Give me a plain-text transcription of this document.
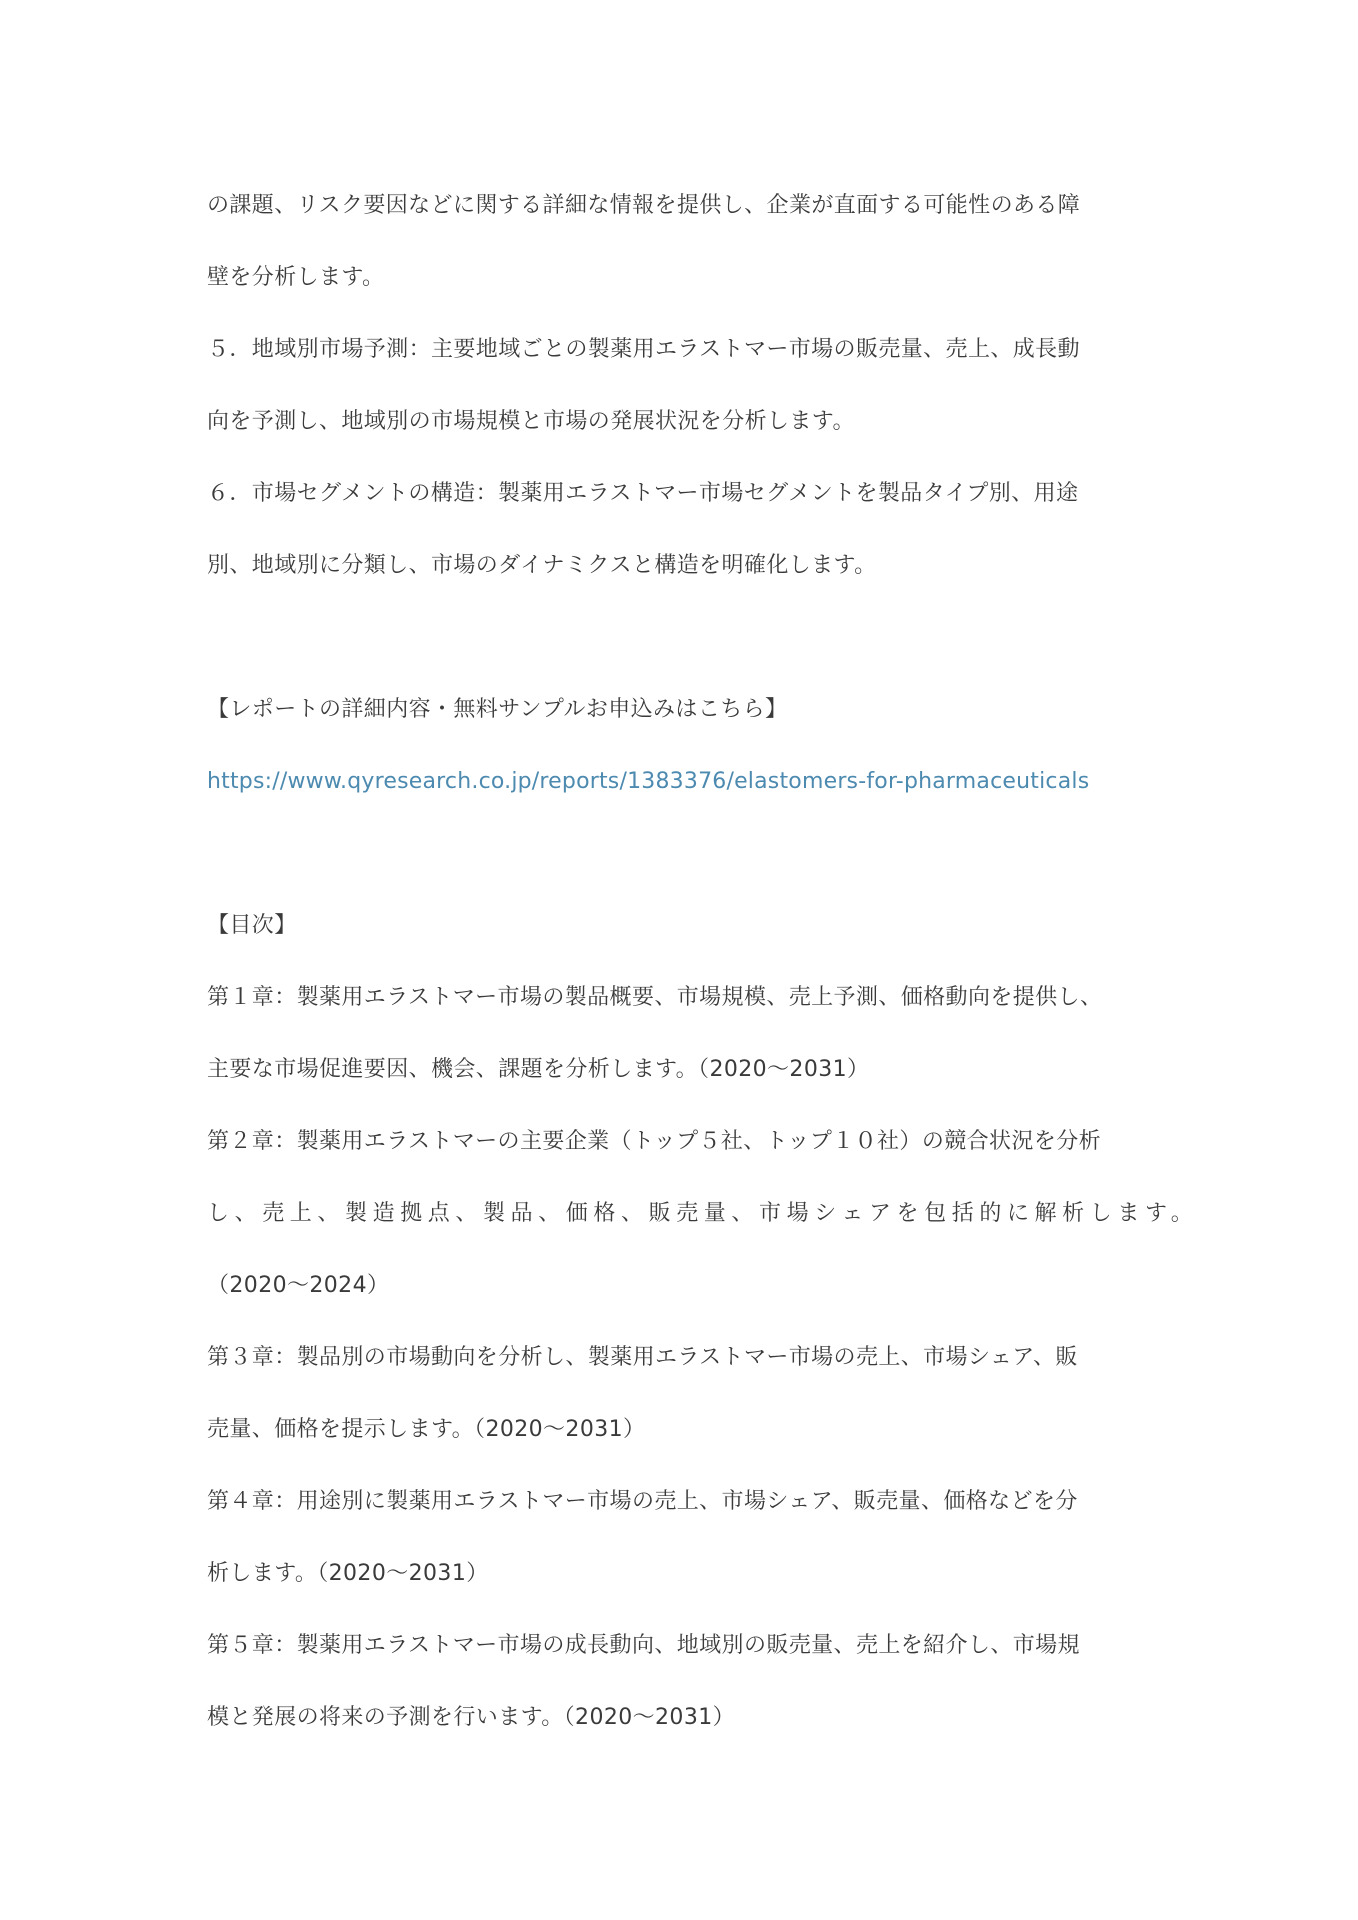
の課題、リスク要因などに関する詳細な情報を提供し、企業が直面する可能性のある障
壁を分析します。
５．地域別市場予測：主要地域ごとの製薬用エラストマー市場の販売量、売上、成長動
向を予測し、地域別の市場規模と市場の発展状況を分析します。
６．市場セグメントの構造：製薬用エラストマー市場セグメントを製品タイプ別、用途
別、地域別に分類し、市場のダイナミクスと構造を明確化します。
【レポートの詳細内容・無料サンプルお申込みはこちら】
https://www.qyresearch.co.jp/reports/1383376/elastomers-for-pharmaceuticals
【目次】
第１章：製薬用エラストマー市場の製品概要、市場規模、売上予測、価格動向を提供し、
主要な市場促進要因、機会、課題を分析します。（2020～2031）
第２章：製薬用エラストマーの主要企業（トップ５社、トップ１０社）の競合状況を分析
し、売上、製造拠点、製品、価格、販売量、市場シェアを包括的に解析します。
（2020～2024）
第３章：製品別の市場動向を分析し、製薬用エラストマー市場の売上、市場シェア、販
売量、価格を提示します。（2020～2031）
第４章：用途別に製薬用エラストマー市場の売上、市場シェア、販売量、価格などを分
析します。（2020～2031）
第５章：製薬用エラストマー市場の成長動向、地域別の販売量、売上を紹介し、市場規
模と発展の将来の予測を行います。（2020～2031）
